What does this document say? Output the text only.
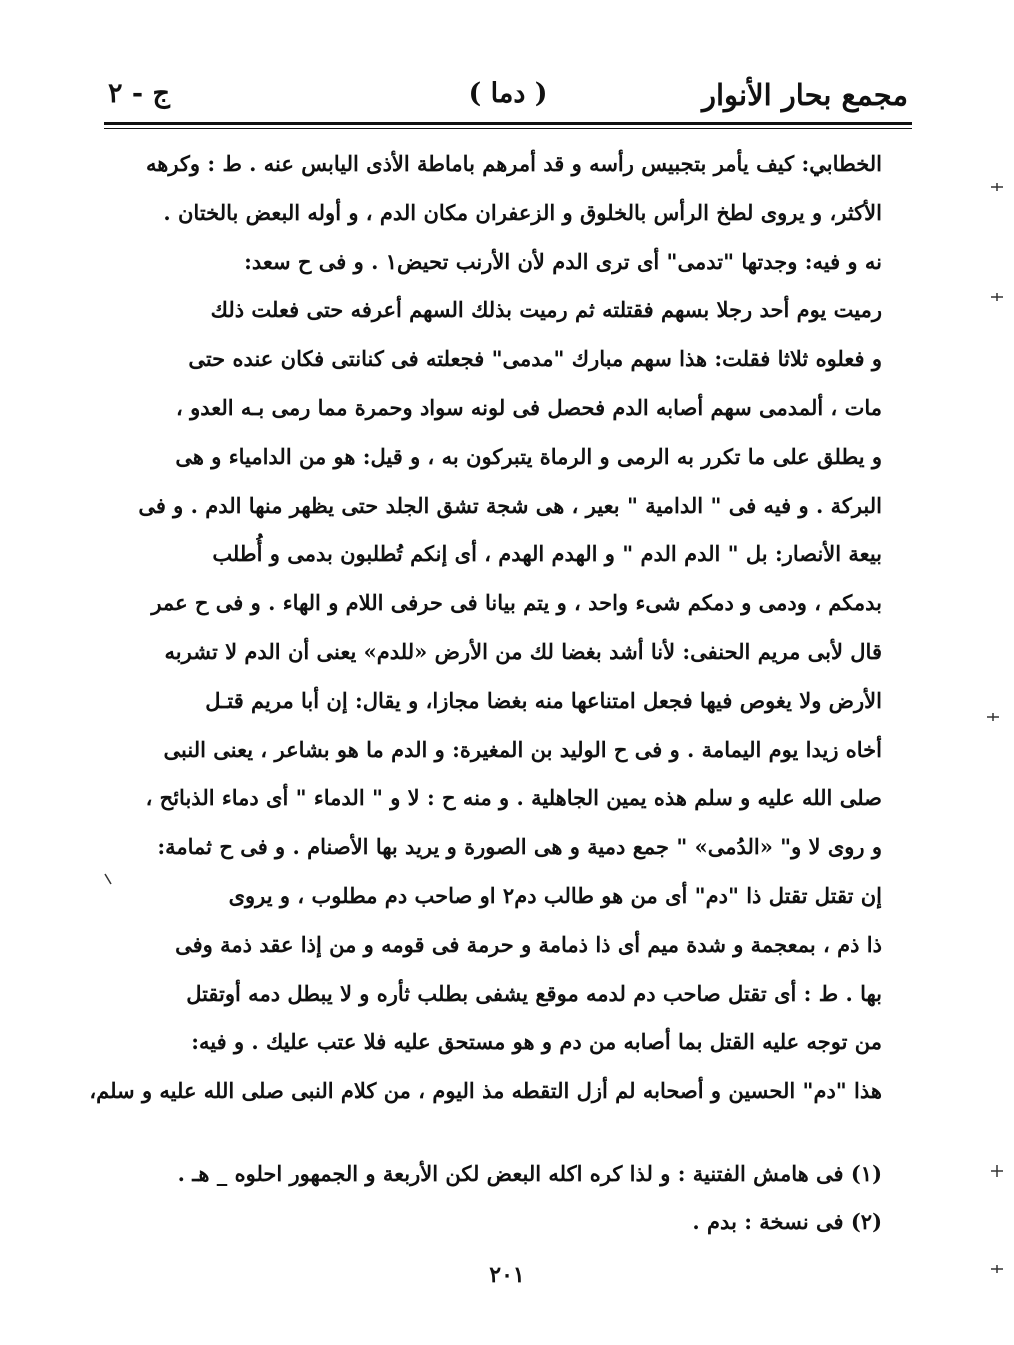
مجمع بحار الأنوار
( دما )
ج - ٢
الخطابي: كيف يأمر بتجبيس رأسه و قد أمرهم باماطة الأذى اليابس عنه . ط : وكرهه
الأكثر، و يروى لطخ الرأس بالخلوق و الزعفران مكان الدم ، و أوله البعض بالختان .
نه و فيه: وجدتها "تدمى" أى ترى الدم لأن الأرنب تحيض١ . و فى ح سعد:
رميت يوم أحد رجلا بسهم فقتلته ثم رميت بذلك السهم أعرفه حتى فعلت ذلك
و فعلوه ثلاثا فقلت: هذا سهم مبارك "مدمى" فجعلته فى كنانتى فكان عنده حتى
مات ، ألمدمى سهم أصابه الدم فحصل فى لونه سواد وحمرة مما رمى بـه العدو ،
و يطلق على ما تكرر به الرمى و الرماة يتبركون به ، و قيل: هو من الدامياء و هى
البركة . و فيه فى " الدامية " بعير ، هى شجة تشق الجلد حتى يظهر منها الدم . و فى
بيعة الأنصار: بل " الدم الدم " و الهدم الهدم ، أى إنكم تُطلبون بدمى و أُطلب
بدمكم ، ودمى و دمكم شىء واحد ، و يتم بيانا فى حرفى اللام و الهاء . و فى ح عمر
قال لأبى مريم الحنفى: لأنا أشد بغضا لك من الأرض «للدم» يعنى أن الدم لا تشربه
الأرض ولا يغوص فيها فجعل امتناعها منه بغضا مجازا، و يقال: إن أبا مريم قتـل
أخاه زيدا يوم اليمامة . و فى ح الوليد بن المغيرة: و الدم ما هو بشاعر ، يعنى النبى
صلى الله عليه و سلم هذه يمين الجاهلية . و منه ح : لا و " الدماء " أى دماء الذبائح ،
و روى لا و" «الدُمى» " جمع دمية و هى الصورة و يريد بها الأصنام . و فى ح ثمامة:
إن تقتل تقتل ذا "دم" أى من هو طالب دم٢ او صاحب دم مطلوب ، و يروى
ذا ذم ، بمعجمة و شدة ميم أى ذا ذمامة و حرمة فى قومه و من إذا عقد ذمة وفى
بها . ط : أى تقتل صاحب دم لدمه موقع يشفى بطلب ثأره و لا يبطل دمه أوتقتل
من توجه عليه القتل بما أصابه من دم و هو مستحق عليه فلا عتب عليك . و فيه:
هذا "دم" الحسين و أصحابه لم أزل التقطه مذ اليوم ، من كلام النبى صلى الله عليه و سلم،
(١) فى هامش الفتنية : و لذا كره اكله البعض لكن الأربعة و الجمهور احلوه _ هـ .
(٢) فى نسخة : بدم .
٢٠١
